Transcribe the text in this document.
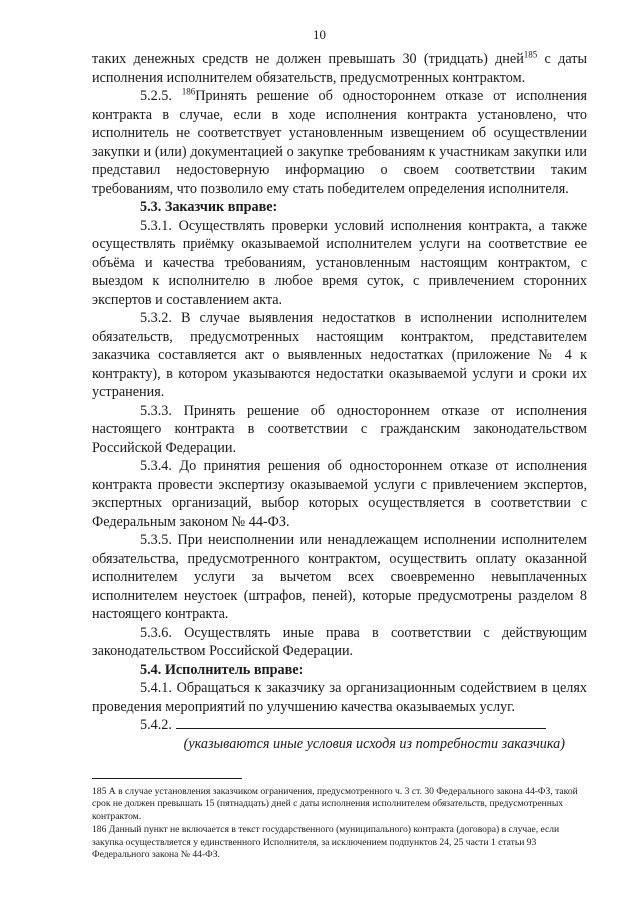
10

таких денежных средств не должен превышать 30 (тридцать) дней$^{185}$ с даты исполнения исполнителем обязательств, предусмотренных контрактом.

5.2.5. $^{186}$Принять решение об одностороннем отказе от исполнения контракта в случае, если в ходе исполнения контракта установлено, что исполнитель не соответствует установленным извещением об осуществлении закупки и (или) документацией о закупке требованиям к участникам закупки или представил недостоверную информацию о своем соответствии таким требованиям, что позволило ему стать победителем определения исполнителя.

5.3. Заказчик вправе:

5.3.1. Осуществлять проверки условий исполнения контракта, а также осуществлять приёмку оказываемой исполнителем услуги на соответствие ее объёма и качества требованиям, установленным настоящим контрактом, с выездом к исполнителю в любое время суток, с привлечением сторонних экспертов и составлением акта.

5.3.2. В случае выявления недостатков в исполнении исполнителем обязательств, предусмотренных настоящим контрактом, представителем заказчика составляется акт о выявленных недостатках (приложение № 4 к контракту), в котором указываются недостатки оказываемой услуги и сроки их устранения.

5.3.3. Принять решение об одностороннем отказе от исполнения настоящего контракта в соответствии с гражданским законодательством Российской Федерации.

5.3.4. До принятия решения об одностороннем отказе от исполнения контракта провести экспертизу оказываемой услуги с привлечением экспертов, экспертных организаций, выбор которых осуществляется в соответствии с Федеральным законом № 44-ФЗ.

5.3.5. При неисполнении или ненадлежащем исполнении исполнителем обязательства, предусмотренного контрактом, осуществить оплату оказанной исполнителем услуги за вычетом всех своевременно невыплаченных исполнителем неустоек (штрафов, пеней), которые предусмотрены разделом 8 настоящего контракта.

5.3.6. Осуществлять иные права в соответствии с действующим законодательством Российской Федерации.

5.4. Исполнитель вправе:

5.4.1. Обращаться к заказчику за организационным содействием в целях проведения мероприятий по улучшению качества оказываемых услуг.

5.4.2.

(указываются иные условия исходя из потребности заказчика)

185 А в случае установления заказчиком ограничения, предусмотренного ч. 3 ст. 30 Федерального закона 44-ФЗ, такой срок не должен превышать 15 (пятнадцать) дней с даты исполнения исполнителем обязательств, предусмотренных контрактом.

186 Данный пункт не включается в текст государственного (муниципального) контракта (договора) в случае, если закупка осуществляется у единственного Исполнителя, за исключением подпунктов 24, 25 части 1 статьи 93 Федерального закона № 44-ФЗ.
